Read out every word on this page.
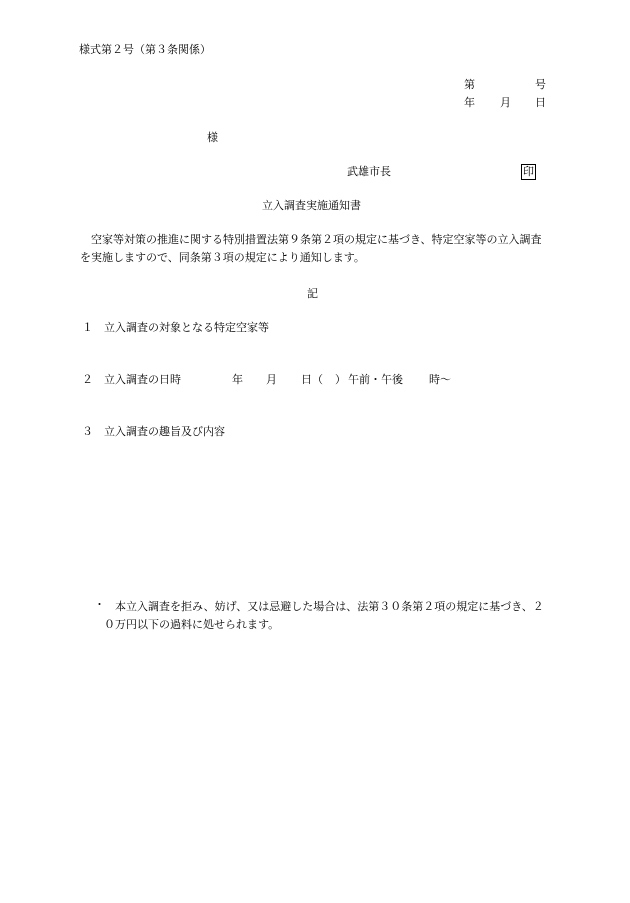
様式第２号（第３条関係）
第	号
年 月 日
様
武雄市長	印
立入調査実施通知書
空家等対策の推進に関する特別措置法第９条第２項の規定に基づき、特定空家等の立入調査を実施しますので、同条第３項の規定により通知します。
記
１ 立入調査の対象となる特定空家等
２ 立入調査の日時	年 月 日（ ） 午前・午後 時～
３ 立入調査の趣旨及び内容
・ 本立入調査を拒み、妨げ、又は忌避した場合は、法第３０条第２項の規定に基づき、２０万円以下の過料に処せられます。
